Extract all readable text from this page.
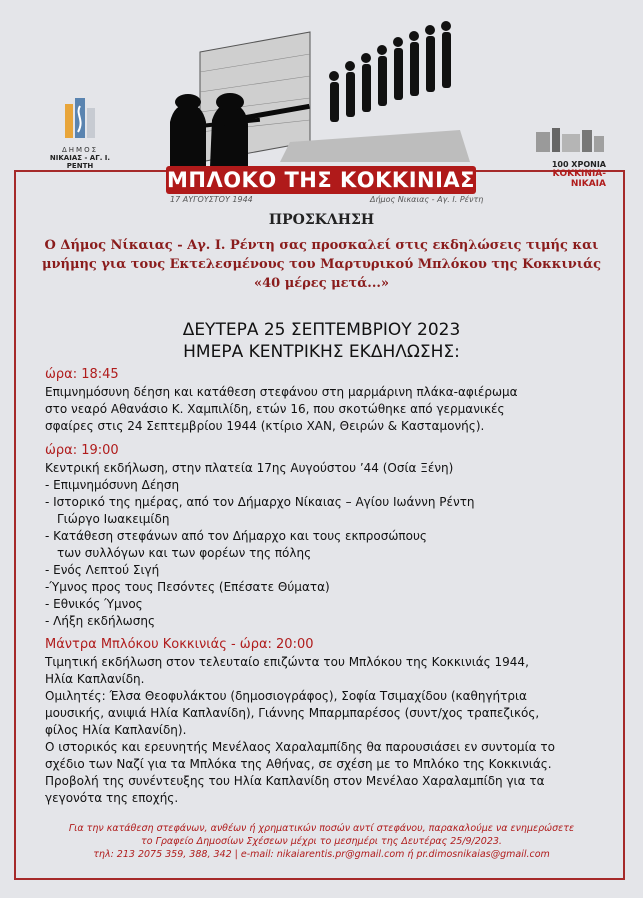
ΔΗΜΟΣ
ΝΙΚΑΙΑΣ - ΑΓ. Ι. ΡΕΝΤΗ	100 ΧΡΟΝΙΑ
ΚΟΚΚΙΝΙΑ-ΝΙΚΑΙΑ
ΜΠΛΟΚΟ ΤΗΣ ΚΟΚΚΙΝΙΑΣ
17 ΑΥΓΟΥΣΤΟΥ 1944	Δήμος Νικαιας - Αγ. Ι. Ρέντη
ΠΡΟΣΚΛΗΣΗ
Ο Δήμος Νίκαιας - Αγ. Ι. Ρέντη σας προσκαλεί στις εκδηλώσεις τιμής και μνήμης για τους Εκτελεσμένους του Μαρτυρικού Μπλόκου της Κοκκινιάς «40 μέρες μετά...»
ΔΕΥΤΕΡΑ 25 ΣΕΠΤΕΜΒΡΙΟΥ 2023
ΗΜΕΡΑ ΚΕΝΤΡΙΚΗΣ ΕΚΔΗΛΩΣΗΣ:
ώρα: 18:45
Επιμνημόσυνη δέηση και κατάθεση στεφάνου στη μαρμάρινη πλάκα-αφιέρωμα
στο νεαρό Αθανάσιο Κ. Χαμπιλίδη, ετών 16, που σκοτώθηκε από γερμανικές
σφαίρες στις 24 Σεπτεμβρίου 1944 (κτίριο ΧΑΝ, Θειρών & Κασταμονής).
ώρα: 19:00
Κεντρική εκδήλωση, στην πλατεία 17ης Αυγούστου ’44 (Οσία Ξένη)
- Επιμνημόσυνη Δέηση
- Ιστορικό της ημέρας, από τον Δήμαρχο Νίκαιας – Αγίου Ιωάννη Ρέντη
Γιώργο Ιωακειμίδη
- Κατάθεση στεφάνων από τον Δήμαρχο και τους εκπροσώπους
των συλλόγων και των φορέων της πόλης
- Ενός Λεπτού Σιγή
-Ύμνος προς τους Πεσόντες (Επέσατε Θύματα)
- Εθνικός Ύμνος
- Λήξη εκδήλωσης
Μάντρα Μπλόκου Κοκκινιάς - ώρα: 20:00
Τιμητική εκδήλωση στον τελευταίο επιζώντα του Μπλόκου της Κοκκινιάς 1944,
Ηλία Καπλανίδη.
Ομιλητές: Έλσα Θεοφυλάκτου (δημοσιογράφος), Σοφία Τσιμαχίδου (καθηγήτρια
μουσικής, ανιψιά Ηλία Καπλανίδη), Γιάννης Μπαρμπαρέσος (συντ/χος τραπεζικός,
φίλος Ηλία Καπλανίδη).
Ο ιστορικός και ερευνητής Μενέλαος Χαραλαμπίδης θα παρουσιάσει εν συντομία το
σχέδιο των Ναζί για τα Μπλόκα της Αθήνας, σε σχέση με το Μπλόκο της Κοκκινιάς.
Προβολή της συνέντευξης του Ηλία Καπλανίδη στον Μενέλαο Χαραλαμπίδη για τα
γεγονότα της εποχής.
Για την κατάθεση στεφάνων, ανθέων ή χρηματικών ποσών αντί στεφάνου, παρακαλούμε να ενημερώσετε
το Γραφείο Δημοσίων Σχέσεων μέχρι το μεσημέρι της Δευτέρας 25/9/2023.
τηλ: 213 2075 359, 388, 342 | e-mail: nikaiarentis.pr@gmail.com ή pr.dimosnikaias@gmail.com
